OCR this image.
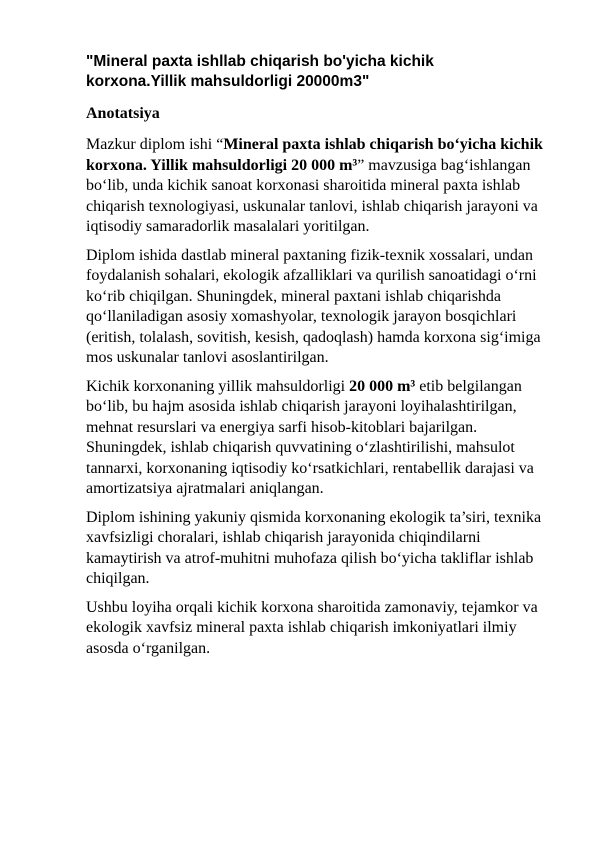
"Mineral paxta ishllab chiqarish bo'yicha kichik korxona.Yillik mahsuldorligi 20000m3"
Anotatsiya

Mazkur diplom ishi “Mineral paxta ishlab chiqarish bo‘yicha kichik korxona. Yillik mahsuldorligi 20 000 m³” mavzusiga bag‘ishlangan bo‘lib, unda kichik sanoat korxonasi sharoitida mineral paxta ishlab chiqarish texnologiyasi, uskunalar tanlovi, ishlab chiqarish jarayoni va iqtisodiy samaradorlik masalalari yoritilgan.

Diplom ishida dastlab mineral paxtaning fizik-texnik xossalari, undan foydalanish sohalari, ekologik afzalliklari va qurilish sanoatidagi o‘rni ko‘rib chiqilgan. Shuningdek, mineral paxtani ishlab chiqarishda qo‘llaniladigan asosiy xomashyolar, texnologik jarayon bosqichlari (eritish, tolalash, sovitish, kesish, qadoqlash) hamda korxona sig‘imiga mos uskunalar tanlovi asoslantirilgan.

Kichik korxonaning yillik mahsuldorligi 20 000 m³ etib belgilangan bo‘lib, bu hajm asosida ishlab chiqarish jarayoni loyihalashtirilgan, mehnat resurslari va energiya sarfi hisob-kitoblari bajarilgan. Shuningdek, ishlab chiqarish quvvatining o‘zlashtirilishi, mahsulot tannarxi, korxonaning iqtisodiy ko‘rsatkichlari, rentabellik darajasi va amortizatsiya ajratmalari aniqlangan.

Diplom ishining yakuniy qismida korxonaning ekologik ta’siri, texnika xavfsizligi choralari, ishlab chiqarish jarayonida chiqindilarni kamaytirish va atrof-muhitni muhofaza qilish bo‘yicha takliflar ishlab chiqilgan.

Ushbu loyiha orqali kichik korxona sharoitida zamonaviy, tejamkor va ekologik xavfsiz mineral paxta ishlab chiqarish imkoniyatlari ilmiy asosda o‘rganilgan.
